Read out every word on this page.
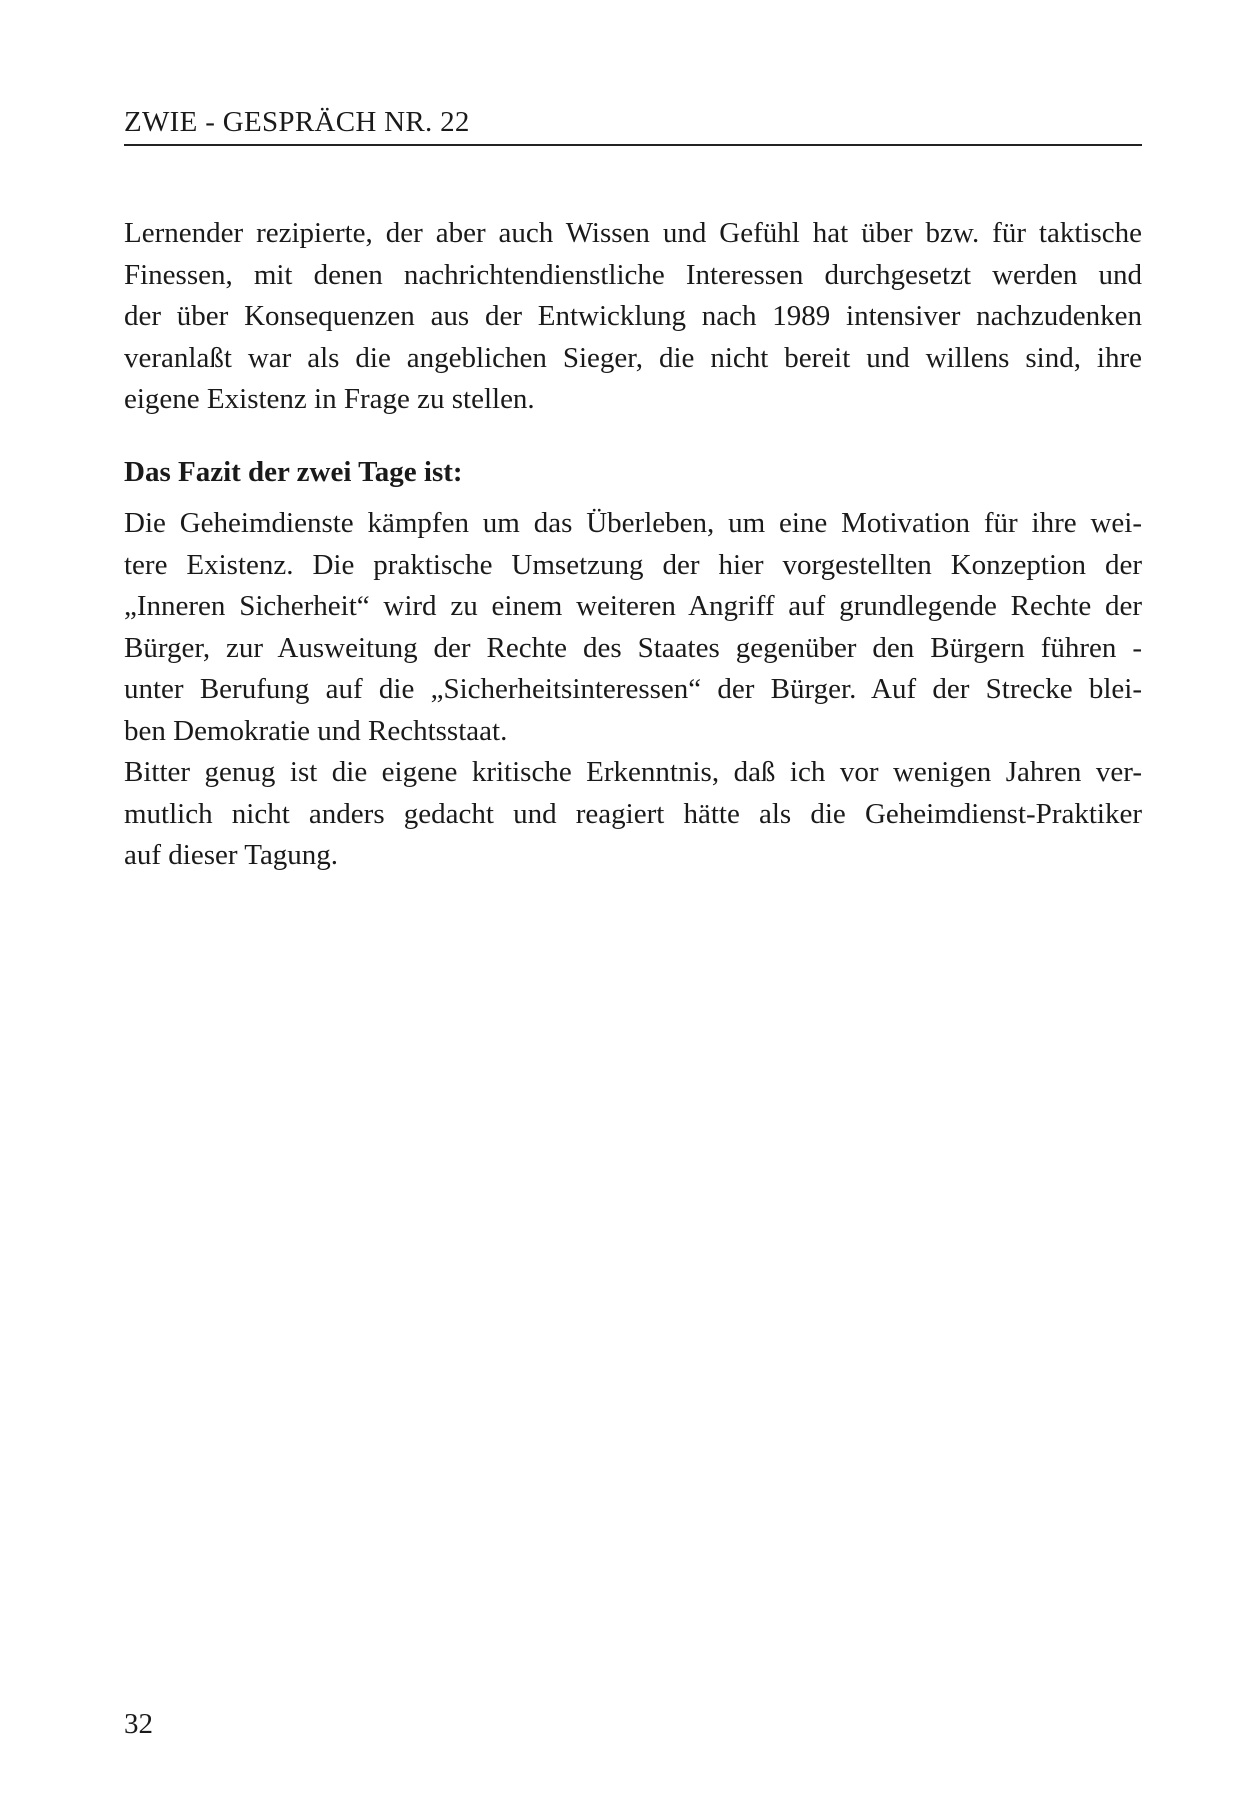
ZWIE - GESPRÄCH NR. 22
Lernender rezipierte, der aber auch Wissen und Gefühl hat über bzw. für taktische
Finessen, mit denen nachrichtendienstliche Interessen durchgesetzt werden und
der über Konsequenzen aus der Entwicklung nach 1989 intensiver nachzudenken
veranlaßt war als die angeblichen Sieger, die nicht bereit und willens sind, ihre
eigene Existenz in Frage zu stellen.
Das Fazit der zwei Tage ist:
Die Geheimdienste kämpfen um das Überleben, um eine Motivation für ihre wei-
tere Existenz. Die praktische Umsetzung der hier vorgestellten Konzeption der
„Inneren Sicherheit“ wird zu einem weiteren Angriff auf grundlegende Rechte der
Bürger, zur Ausweitung der Rechte des Staates gegenüber den Bürgern führen -
unter Berufung auf die „Sicherheitsinteressen“ der Bürger. Auf der Strecke blei-
ben Demokratie und Rechtsstaat.
Bitter genug ist die eigene kritische Erkenntnis, daß ich vor wenigen Jahren ver-
mutlich nicht anders gedacht und reagiert hätte als die Geheimdienst-Praktiker
auf dieser Tagung.
32
